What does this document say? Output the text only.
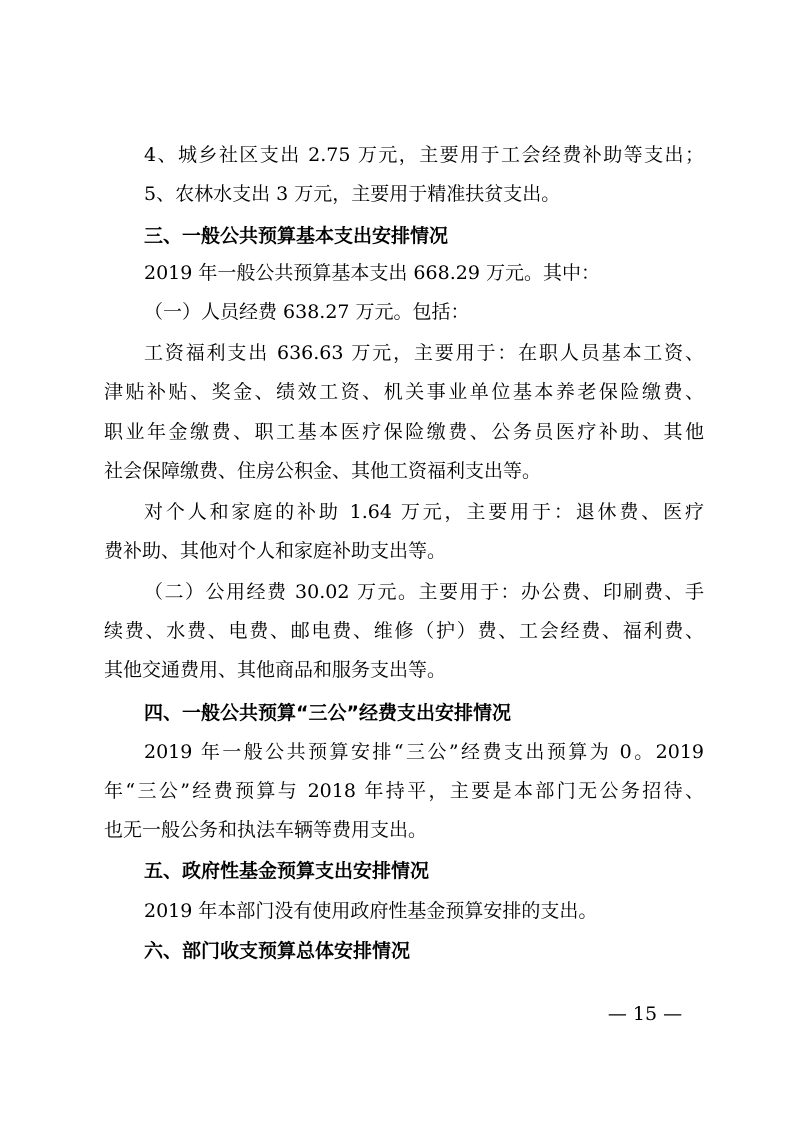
4、城乡社区支出 2.75 万元，主要用于工会经费补助等支出；
5、农林水支出 3 万元，主要用于精准扶贫支出。
三、一般公共预算基本支出安排情况
2019 年一般公共预算基本支出 668.29 万元。其中：
（一）人员经费 638.27 万元。包括：
工资福利支出 636.63 万元，主要用于：在职人员基本工资、
津贴补贴、奖金、绩效工资、机关事业单位基本养老保险缴费、
职业年金缴费、职工基本医疗保险缴费、公务员医疗补助、其他
社会保障缴费、住房公积金、其他工资福利支出等。
对个人和家庭的补助 1.64 万元，主要用于：退休费、医疗
费补助、其他对个人和家庭补助支出等。
（二）公用经费 30.02 万元。主要用于：办公费、印刷费、手
续费、水费、电费、邮电费、维修（护）费、工会经费、福利费、
其他交通费用、其他商品和服务支出等。
四、一般公共预算“三公”经费支出安排情况
2019 年一般公共预算安排“三公”经费支出预算为 0。2019
年“三公”经费预算与 2018 年持平，主要是本部门无公务招待、
也无一般公务和执法车辆等费用支出。
五、政府性基金预算支出安排情况
2019 年本部门没有使用政府性基金预算安排的支出。
六、部门收支预算总体安排情况
— 15 —
